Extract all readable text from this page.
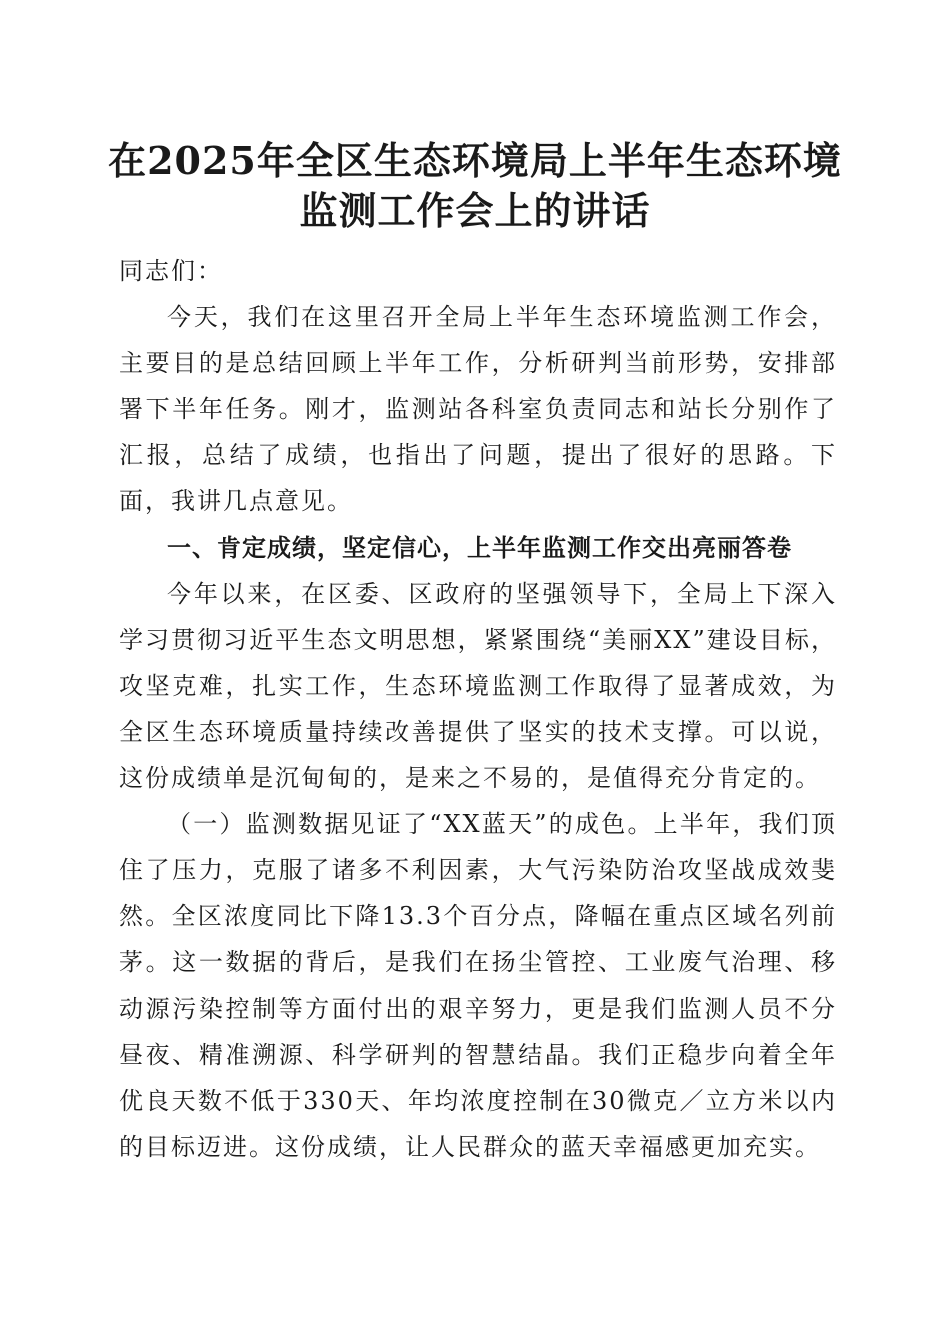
在2025年全区生态环境局上半年生态环境监测工作会上的讲话

同志们：

今天，我们在这里召开全局上半年生态环境监测工作会，主要目的是总结回顾上半年工作，分析研判当前形势，安排部署下半年任务。刚才，监测站各科室负责同志和站长分别作了汇报，总结了成绩，也指出了问题，提出了很好的思路。下面，我讲几点意见。

一、肯定成绩，坚定信心，上半年监测工作交出亮丽答卷

今年以来，在区委、区政府的坚强领导下，全局上下深入学习贯彻习近平生态文明思想，紧紧围绕“美丽XX”建设目标，攻坚克难，扎实工作，生态环境监测工作取得了显著成效，为全区生态环境质量持续改善提供了坚实的技术支撑。可以说，这份成绩单是沉甸甸的，是来之不易的，是值得充分肯定的。

（一）监测数据见证了“XX蓝天”的成色。上半年，我们顶住了压力，克服了诸多不利因素，大气污染防治攻坚战成效斐然。全区浓度同比下降13.3个百分点，降幅在重点区域名列前茅。这一数据的背后，是我们在扬尘管控、工业废气治理、移动源污染控制等方面付出的艰辛努力，更是我们监测人员不分昼夜、精准溯源、科学研判的智慧结晶。我们正稳步向着全年优良天数不低于330天、年均浓度控制在30微克／立方米以内的目标迈进。这份成绩，让人民群众的蓝天幸福感更加充实。
